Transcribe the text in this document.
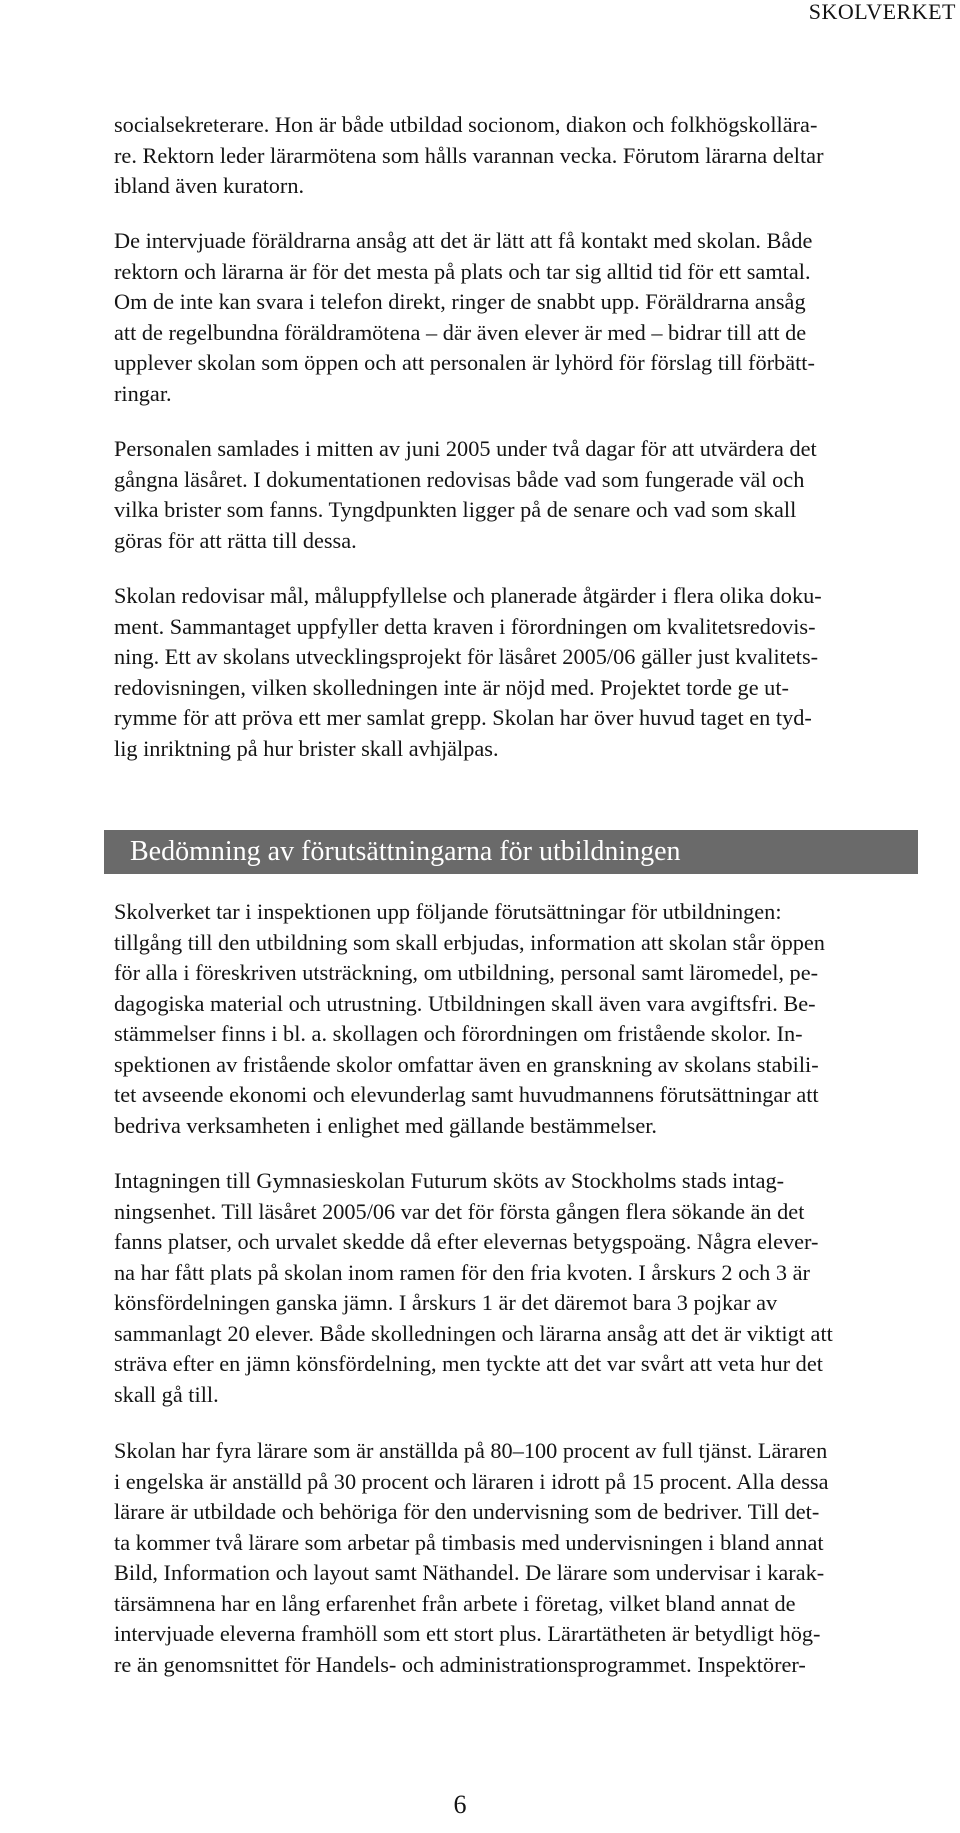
SKOLVERKET
socialsekreterare. Hon är både utbildad socionom, diakon och folkhögskollära-
re. Rektorn leder lärarmötena som hålls varannan vecka. Förutom lärarna deltar
ibland även kuratorn.
De intervjuade föräldrarna ansåg att det är lätt att få kontakt med skolan. Både
rektorn och lärarna är för det mesta på plats och tar sig alltid tid för ett samtal.
Om de inte kan svara i telefon direkt, ringer de snabbt upp. Föräldrarna ansåg
att de regelbundna föräldramötena – där även elever är med – bidrar till att de
upplever skolan som öppen och att personalen är lyhörd för förslag till förbätt-
ringar.
Personalen samlades i mitten av juni 2005 under två dagar för att utvärdera det
gångna läsåret. I dokumentationen redovisas både vad som fungerade väl och
vilka brister som fanns. Tyngdpunkten ligger på de senare och vad som skall
göras för att rätta till dessa.
Skolan redovisar mål, måluppfyllelse och planerade åtgärder i flera olika doku-
ment. Sammantaget uppfyller detta kraven i förordningen om kvalitetsredovis-
ning. Ett av skolans utvecklingsprojekt för läsåret 2005/06 gäller just kvalitets-
redovisningen, vilken skolledningen inte är nöjd med. Projektet torde ge ut-
rymme för att pröva ett mer samlat grepp. Skolan har över huvud taget en tyd-
lig inriktning på hur brister skall avhjälpas.
Bedömning av förutsättningarna för utbildningen
Skolverket tar i inspektionen upp följande förutsättningar för utbildningen:
tillgång till den utbildning som skall erbjudas, information att skolan står öppen
för alla i föreskriven utsträckning, om utbildning, personal samt läromedel, pe-
dagogiska material och utrustning. Utbildningen skall även vara avgiftsfri. Be-
stämmelser finns i bl. a. skollagen och förordningen om fristående skolor. In-
spektionen av fristående skolor omfattar även en granskning av skolans stabili-
tet avseende ekonomi och elevunderlag samt huvudmannens förutsättningar att
bedriva verksamheten i enlighet med gällande bestämmelser.
Intagningen till Gymnasieskolan Futurum sköts av Stockholms stads intag-
ningsenhet. Till läsåret 2005/06 var det för första gången flera sökande än det
fanns platser, och urvalet skedde då efter elevernas betygspoäng. Några elever-
na har fått plats på skolan inom ramen för den fria kvoten. I årskurs 2 och 3 är
könsfördelningen ganska jämn. I årskurs 1 är det däremot bara 3 pojkar av
sammanlagt 20 elever. Både skolledningen och lärarna ansåg att det är viktigt att
sträva efter en jämn könsfördelning, men tyckte att det var svårt att veta hur det
skall gå till.
Skolan har fyra lärare som är anställda på 80–100 procent av full tjänst. Läraren
i engelska är anställd på 30 procent och läraren i idrott på 15 procent. Alla dessa
lärare är utbildade och behöriga för den undervisning som de bedriver. Till det-
ta kommer två lärare som arbetar på timbasis med undervisningen i bland annat
Bild, Information och layout samt Näthandel. De lärare som undervisar i karak-
tärsämnena har en lång erfarenhet från arbete i företag, vilket bland annat de
intervjuade eleverna framhöll som ett stort plus. Lärartätheten är betydligt hög-
re än genomsnittet för Handels- och administrationsprogrammet. Inspektörer-
6
